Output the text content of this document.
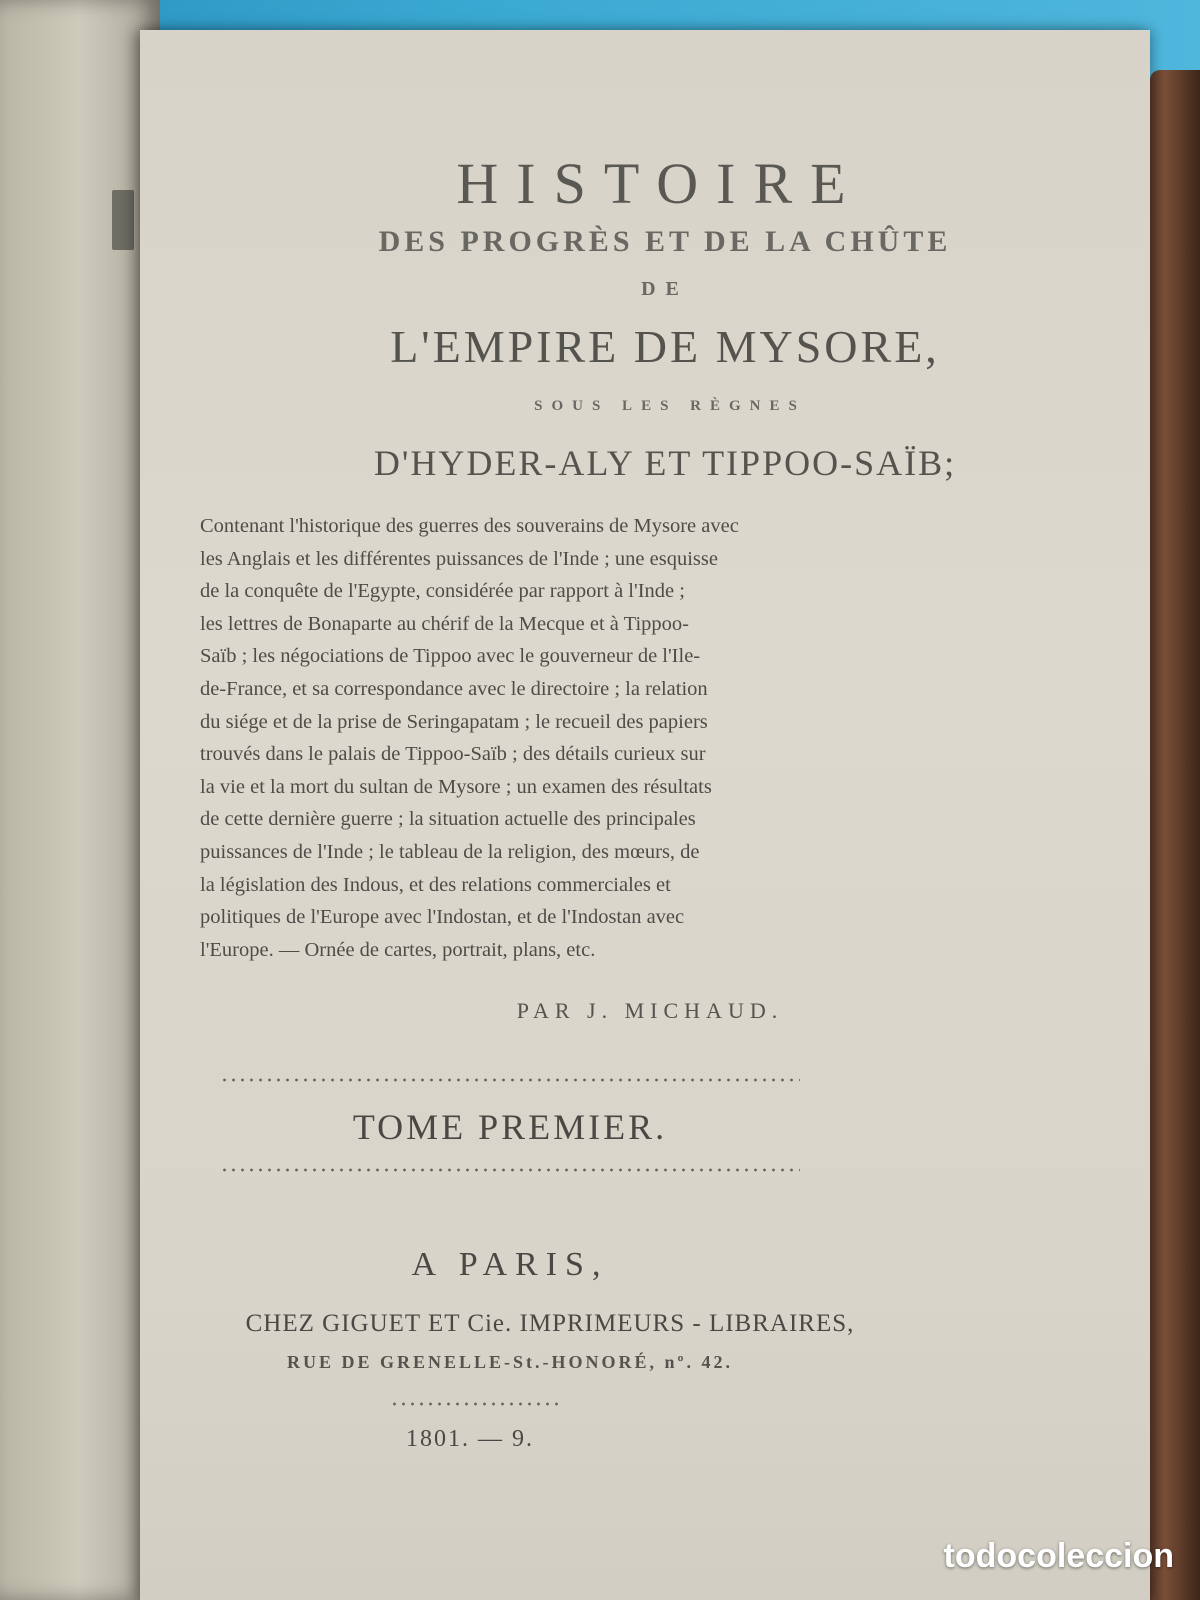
HISTOIRE
DES PROGRÈS ET DE LA CHÛTE
DE
L'EMPIRE DE MYSORE,
SOUS LES RÈGNES
D'HYDER-ALY ET TIPPOO-SAÏB;
Contenant l'historique des guerres des souverains de Mysore avec
les Anglais et les différentes puissances de l'Inde ; une esquisse
de la conquête de l'Egypte, considérée par rapport à l'Inde ;
les lettres de Bonaparte au chérif de la Mecque et à Tippoo-
Saïb ; les négociations de Tippoo avec le gouverneur de l'Ile-
de-France, et sa correspondance avec le directoire ; la relation
du siége et de la prise de Seringapatam ; le recueil des papiers
trouvés dans le palais de Tippoo-Saïb ; des détails curieux sur
la vie et la mort du sultan de Mysore ; un examen des résultats
de cette dernière guerre ; la situation actuelle des principales
puissances de l'Inde ; le tableau de la religion, des mœurs, de
la législation des Indous, et des relations commerciales et
politiques de l'Europe avec l'Indostan, et de l'Indostan avec
l'Europe. — Ornée de cartes, portrait, plans, etc.
PAR J. MICHAUD.
TOME PREMIER.
A PARIS,
CHEZ GIGUET ET Cie. IMPRIMEURS - LIBRAIRES,
RUE DE GRENELLE-St.-HONORÉ, nº. 42.
1801. — 9.
todocoleccion
